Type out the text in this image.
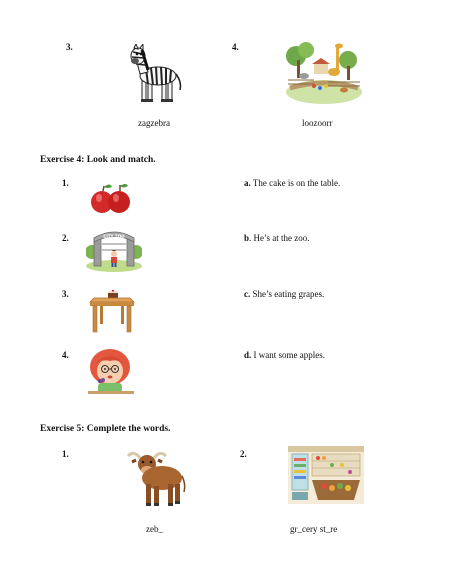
3.
zagzebra
4.
loozoorr
Exercise 4: Look and match.
1.	a. The cake is on the table.
2.	CITY ZOO	b. He’s at the zoo.
3.	c. She’s eating grapes.
4.	d. I want some apples.
Exercise 5: Complete the words.
1.
zeb_
2.
gr_cery st_re
